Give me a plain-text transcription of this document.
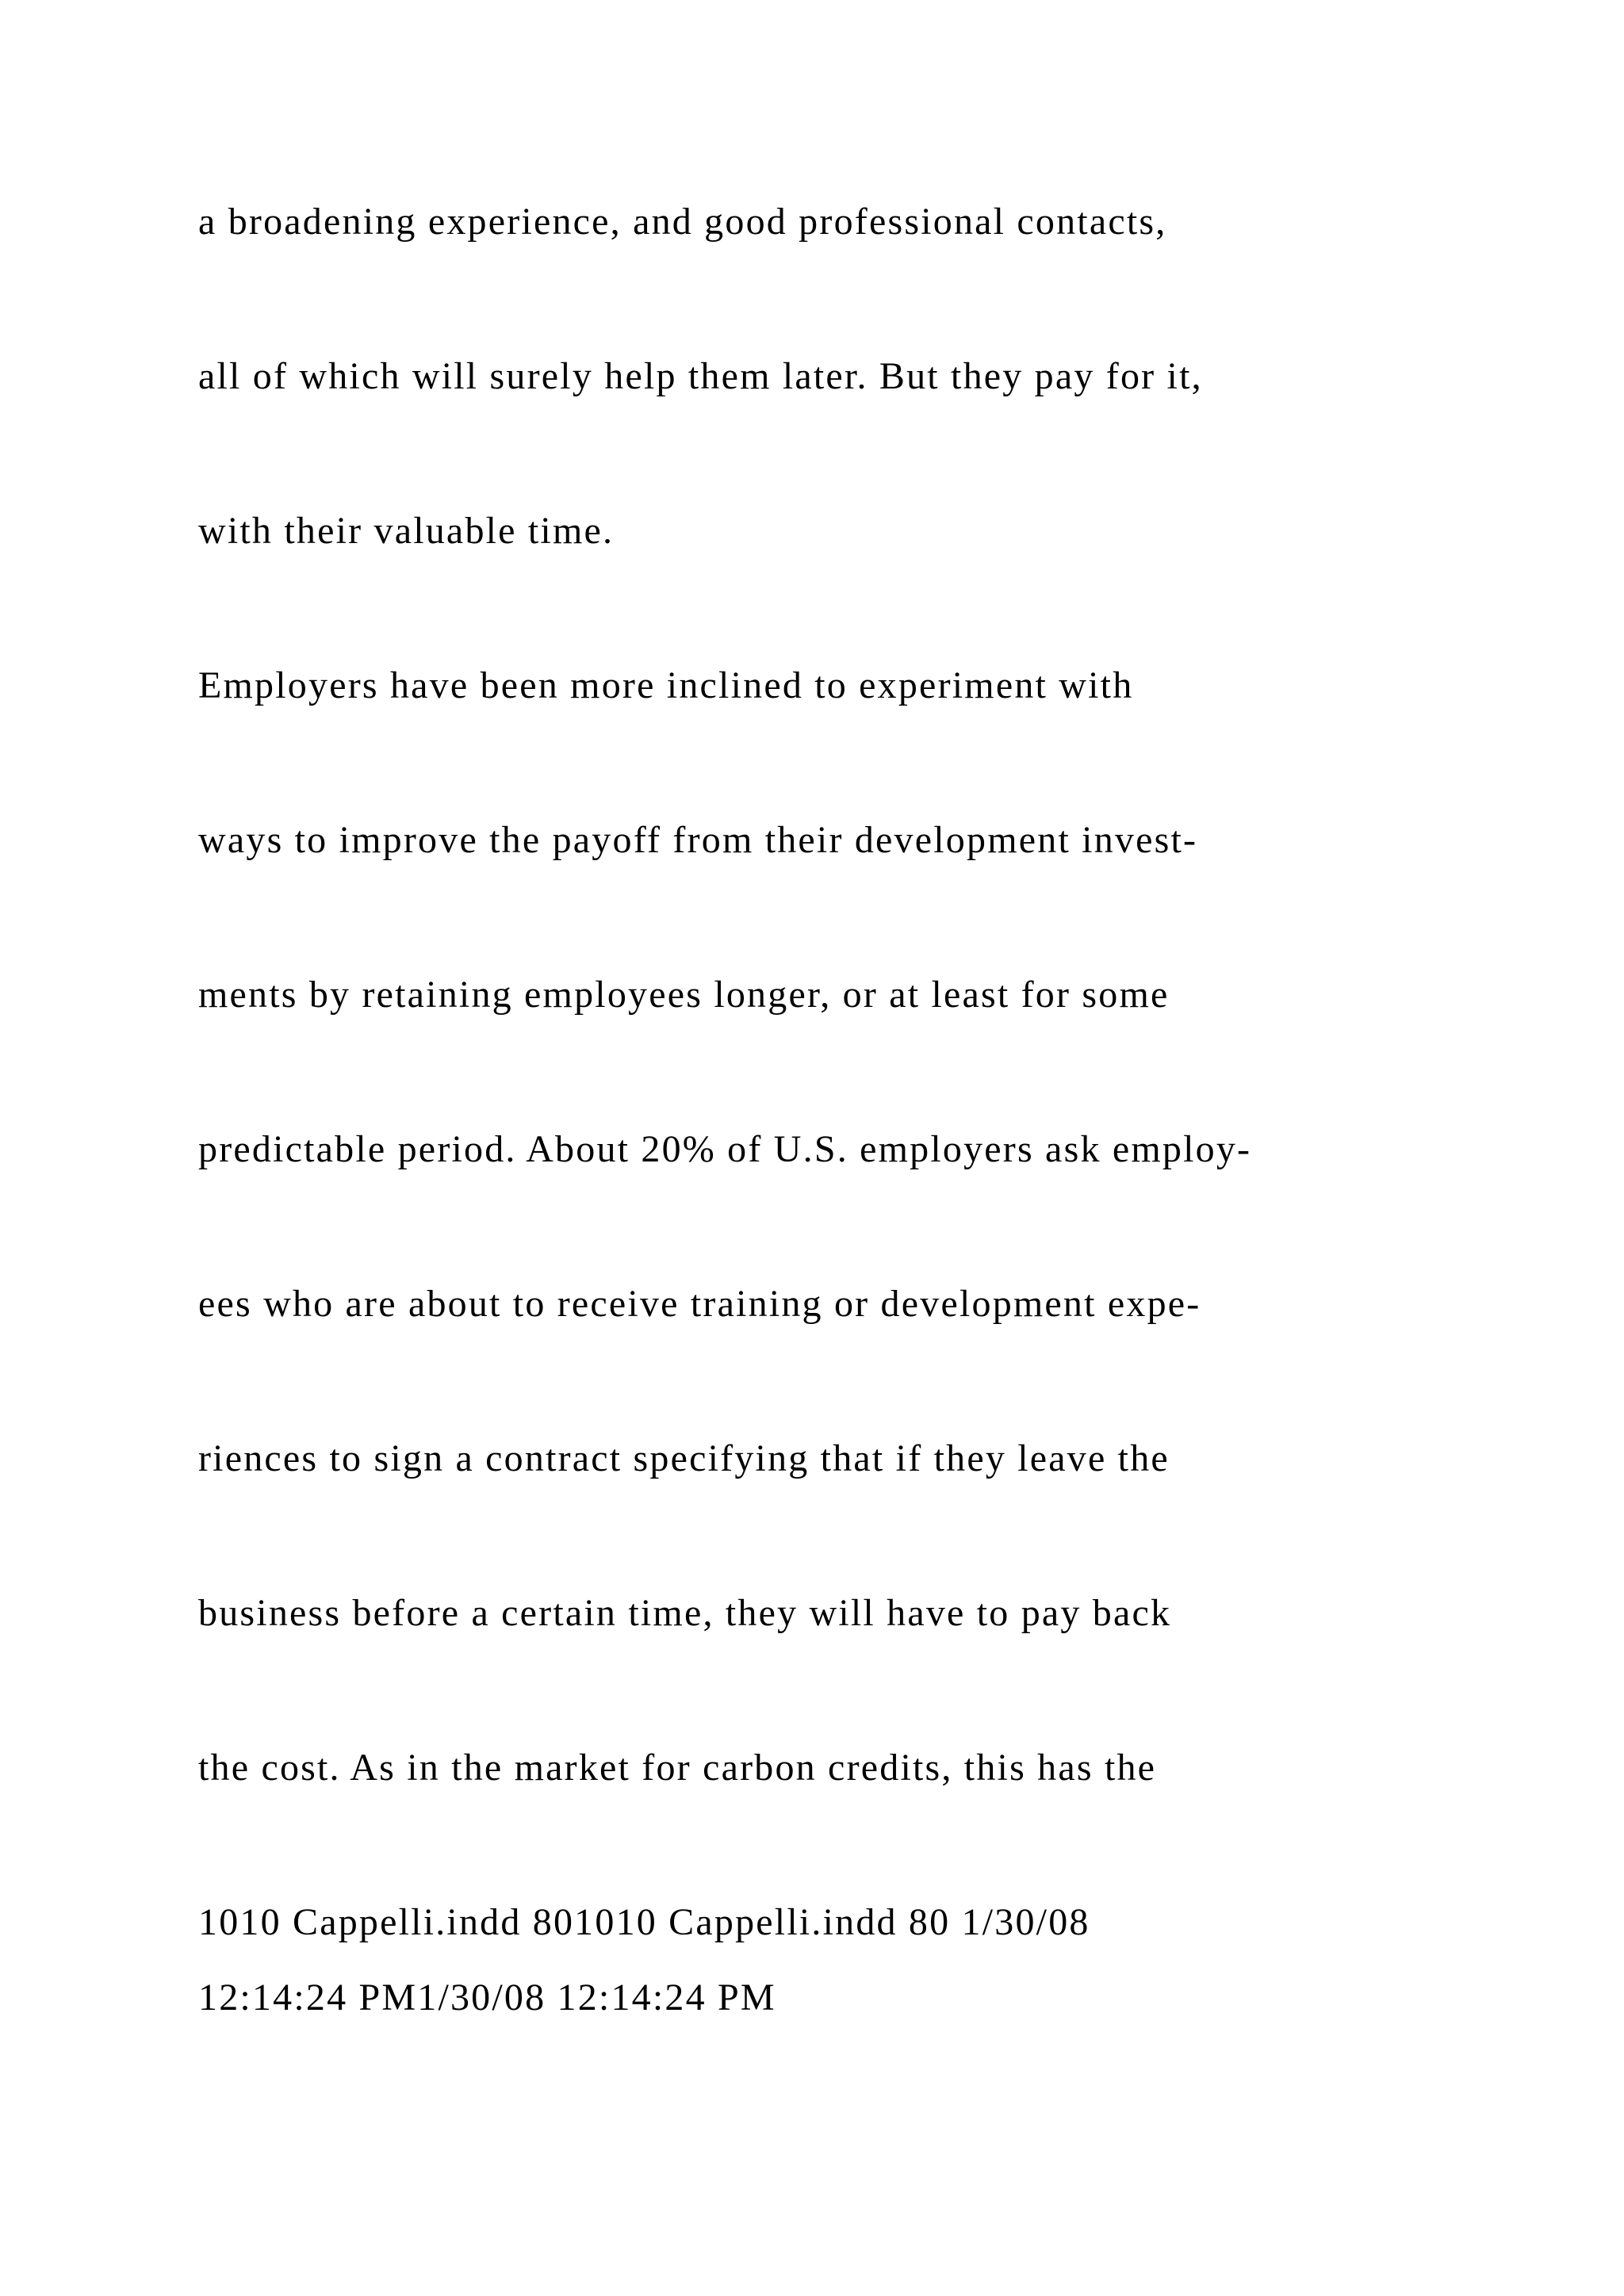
a broadening experience, and good professional contacts,

all of which will surely help them later. But they pay for it,

with their valuable time.

Employers have been more inclined to experiment with

ways to improve the payoff from their development invest-

ments by retaining employees longer, or at least for some

predictable period. About 20% of U.S. employers ask employ-

ees who are about to receive training or development expe-

riences to sign a contract specifying that if they leave the

business before a certain time, they will have to pay back

the cost. As in the market for carbon credits, this has the

1010 Cappelli.indd 801010 Cappelli.indd 80 1/30/08

12:14:24 PM1/30/08 12:14:24 PM
